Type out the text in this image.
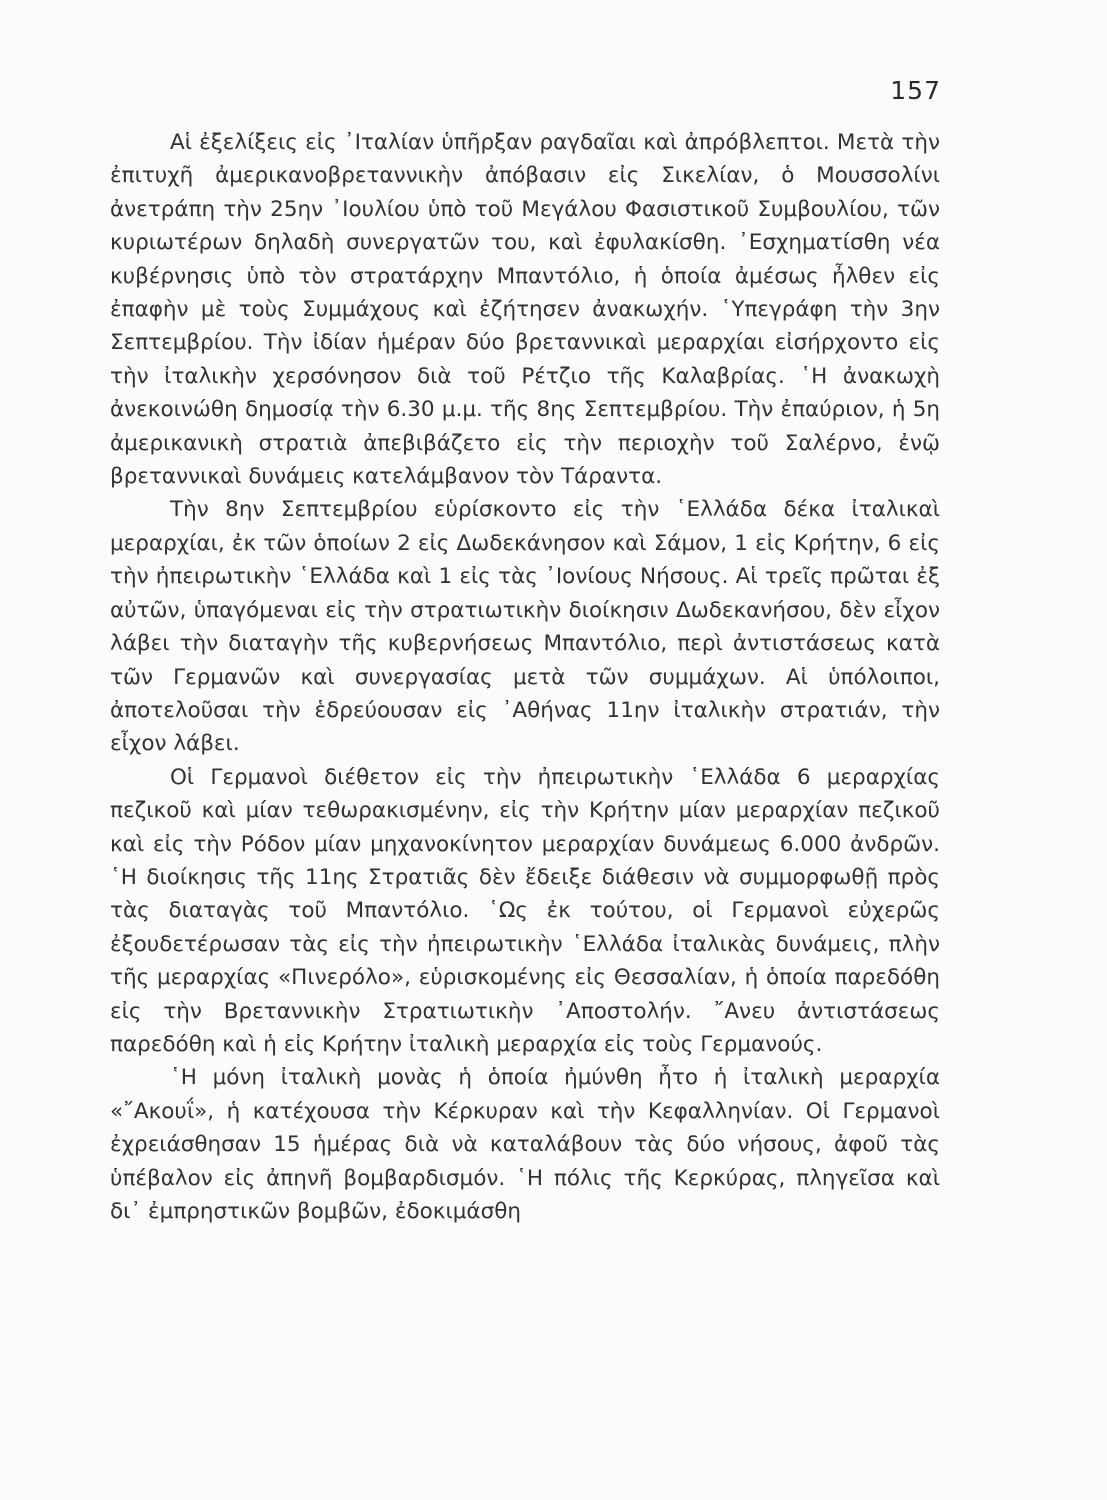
157

Αἱ ἐξελίξεις εἰς ᾿Ιταλίαν ὑπῆρξαν ραγδαῖαι καὶ ἀπρόβλεπτοι. Μετὰ τὴν ἐπιτυχῆ ἀμερικανοβρεταννικὴν ἀπόβασιν εἰς Σικελίαν, ὁ Μουσσολίνι ἀνετράπη τὴν 25ην ᾿Ιουλίου ὑπὸ τοῦ Μεγάλου Φασιστικοῦ Συμβουλίου, τῶν κυριωτέρων δηλαδὴ συνεργατῶν του, καὶ ἐφυλακίσθη. ᾿Εσχηματίσθη νέα κυβέρνησις ὑπὸ τὸν στρατάρχην Μπαντόλιο, ἡ ὁποία ἀμέσως ἦλθεν εἰς ἐπαφὴν μὲ τοὺς Συμμάχους καὶ ἐζήτησεν ἀνακωχήν. ῾Υπεγράφη τὴν 3ην Σεπτεμβρίου. Τὴν ἰδίαν ἡμέραν δύο βρεταννικαὶ μεραρχίαι εἰσήρχοντο εἰς τὴν ἰταλικὴν χερσόνησον διὰ τοῦ Ρέτζιο τῆς Καλαβρίας. ῾Η ἀνακωχὴ ἀνεκοινώθη δημοσίᾳ τὴν 6.30 μ.μ. τῆς 8ης Σεπτεμβρίου. Τὴν ἐπαύριον, ἡ 5η ἀμερικανικὴ στρατιὰ ἀπεβιβάζετο εἰς τὴν περιοχὴν τοῦ Σαλέρνο, ἐνῷ βρεταννικαὶ δυνάμεις κατελάμβανον τὸν Τάραντα.

Τὴν 8ην Σεπτεμβρίου εὑρίσκοντο εἰς τὴν ῾Ελλάδα δέκα ἰταλικαὶ μεραρχίαι, ἐκ τῶν ὁποίων 2 εἰς Δωδεκάνησον καὶ Σάμον, 1 εἰς Κρήτην, 6 εἰς τὴν ἠπειρωτικὴν ῾Ελλάδα καὶ 1 εἰς τὰς ᾿Ιονίους Νήσους. Αἱ τρεῖς πρῶται ἐξ αὐτῶν, ὑπαγόμεναι εἰς τὴν στρατιωτικὴν διοίκησιν Δωδεκανήσου, δὲν εἶχον λάβει τὴν διαταγὴν τῆς κυβερνήσεως Μπαντόλιο, περὶ ἀντιστάσεως κατὰ τῶν Γερμανῶν καὶ συνεργασίας μετὰ τῶν συμμάχων. Αἱ ὑπόλοιποι, ἀποτελοῦσαι τὴν ἑδρεύουσαν εἰς ᾿Αθήνας 11ην ἰταλικὴν στρατιάν, τὴν εἶχον λάβει.

Οἱ Γερμανοὶ διέθετον εἰς τὴν ἠπειρωτικὴν ῾Ελλάδα 6 μεραρχίας πεζικοῦ καὶ μίαν τεθωρακισμένην, εἰς τὴν Κρήτην μίαν μεραρχίαν πεζικοῦ καὶ εἰς τὴν Ρόδον μίαν μηχανοκίνητον μεραρχίαν δυνάμεως 6.000 ἀνδρῶν. ῾Η διοίκησις τῆς 11ης Στρατιᾶς δὲν ἔδειξε διάθεσιν νὰ συμμορφωθῇ πρὸς τὰς διαταγὰς τοῦ Μπαντόλιο. ῾Ως ἐκ τούτου, οἱ Γερμανοὶ εὐχερῶς ἐξουδετέρωσαν τὰς εἰς τὴν ἠπειρωτικὴν ῾Ελλάδα ἰταλικὰς δυνάμεις, πλὴν τῆς μεραρχίας «Πινερόλο», εὑρισκομένης εἰς Θεσσαλίαν, ἡ ὁποία παρεδόθη εἰς τὴν Βρεταννικὴν Στρατιωτικὴν ᾿Αποστολήν. ῎Ανευ ἀντιστάσεως παρεδόθη καὶ ἡ εἰς Κρήτην ἰταλικὴ μεραρχία εἰς τοὺς Γερμανούς.

῾Η μόνη ἰταλικὴ μονὰς ἡ ὁποία ἠμύνθη ἦτο ἡ ἰταλικὴ μεραρχία «῎Ακουΐ», ἡ κατέχουσα τὴν Κέρκυραν καὶ τὴν Κεφαλληνίαν. Οἱ Γερμανοὶ ἐχρειάσθησαν 15 ἡμέρας διὰ νὰ καταλάβουν τὰς δύο νήσους, ἀφοῦ τὰς ὑπέβαλον εἰς ἀπηνῆ βομβαρδισμόν. ῾Η πόλις τῆς Κερκύρας, πληγεῖσα καὶ δι᾿ ἐμπρηστικῶν βομβῶν, ἐδοκιμάσθη
